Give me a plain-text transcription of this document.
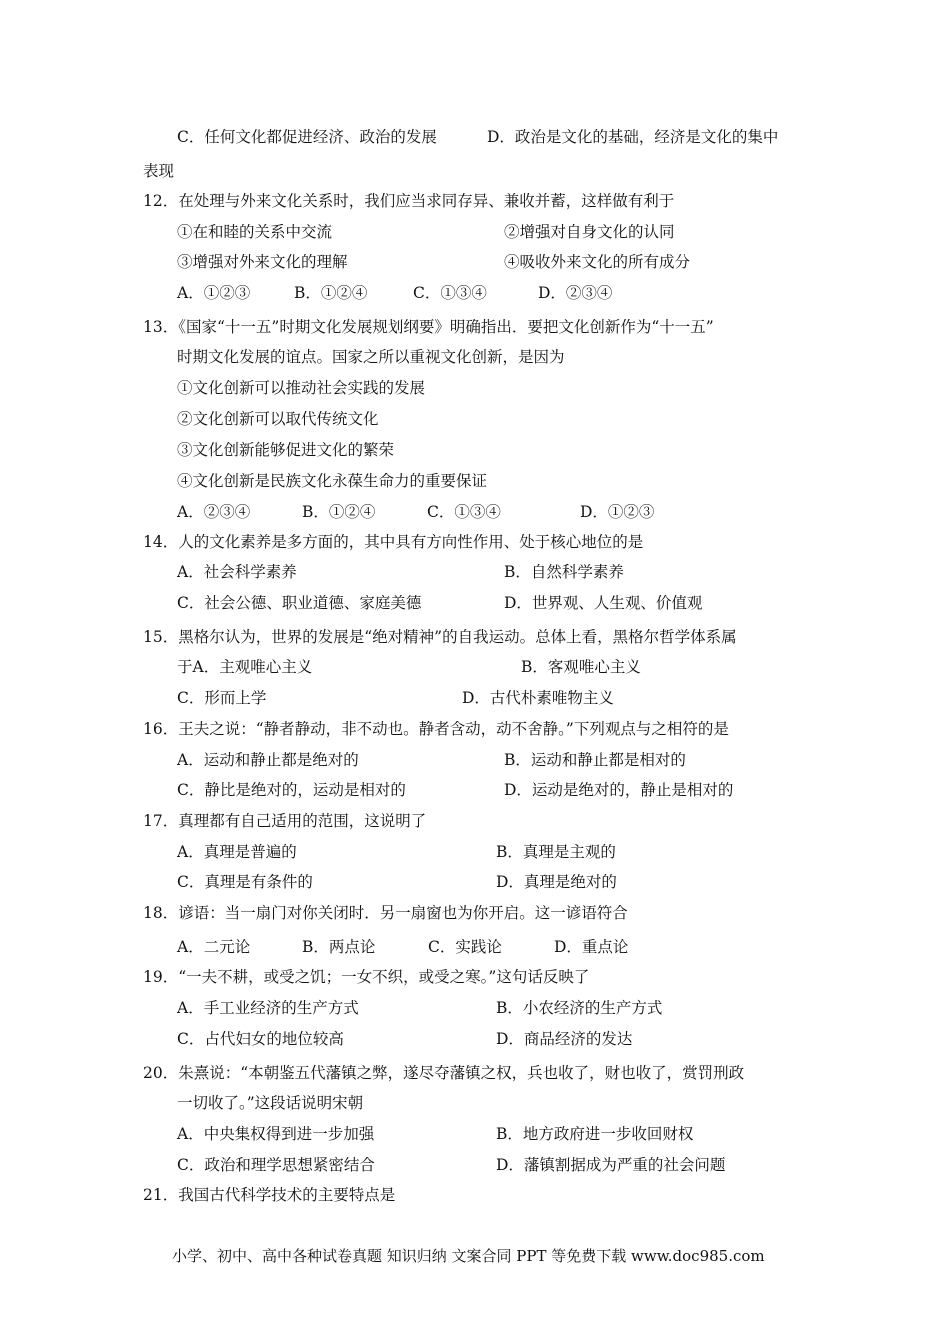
C．任何文化都促进经济、政治的发展	D．政治是文化的基础，经济是文化的集中
表现
12．在处理与外来文化关系时，我们应当求同存异、兼收并蓄，这样做有利于
①在和睦的关系中交流	②增强对自身文化的认同
③增强对外来文化的理解	④吸收外来文化的所有成分
A．①②③	B．①②④	C．①③④	D．②③④
13．《国家“十一五”时期文化发展规划纲要》明确指出．要把文化创新作为“十一五”
时期文化发展的谊点。国家之所以重视文化创新，是因为
①文化创新可以推动社会实践的发展
②文化创新可以取代传统文化
③文化创新能够促进文化的繁荣
④文化创新是民族文化永葆生命力的重要保证
A．②③④	B．①②④	C．①③④	D．①②③
14．人的文化素养是多方面的，其中具有方向性作用、处于核心地位的是
A．社会科学素养	B．自然科学素养
C．社会公德、职业道德、家庭美德	D．世界观、人生观、价值观
15．黑格尔认为，世界的发展是“绝对精神”的自我运动。总体上看，黑格尔哲学体系属
于A．主观唯心主义	B．客观唯心主义
C．形而上学	D．古代朴素唯物主义
16．王夫之说：“静者静动，非不动也。静者含动，动不舍静。”下列观点与之相符的是
A．运动和静止都是绝对的	B．运动和静止都是相对的
C．静比是绝对的，运动是相对的	D．运动是绝对的，静止是相对的
17．真理都有自己适用的范围，这说明了
A．真理是普遍的	B．真理是主观的
C．真理是有条件的	D．真理是绝对的
18．谚语：当一扇门对你关闭时．另一扇窗也为你开启。这一谚语符合
A．二元论	B．两点论	C．实践论	D．重点论
19．“一夫不耕，或受之饥；一女不织，或受之寒。”这句话反映了
A．手工业经济的生产方式	B．小农经济的生产方式
C．占代妇女的地位较高	D．商品经济的发达
20．朱熹说：“本朝鉴五代藩镇之弊，遂尽夺藩镇之权，兵也收了，财也收了，赏罚刑政
一切收了。”这段话说明宋朝
A．中央集权得到进一步加强	B．地方政府进一步收回财权
C．政治和理学思想紧密结合	D．藩镇割据成为严重的社会问题
21．我国古代科学技术的主要特点是
小学、初中、高中各种试卷真题 知识归纳 文案合同 PPT 等免费下载 www.doc985.com
